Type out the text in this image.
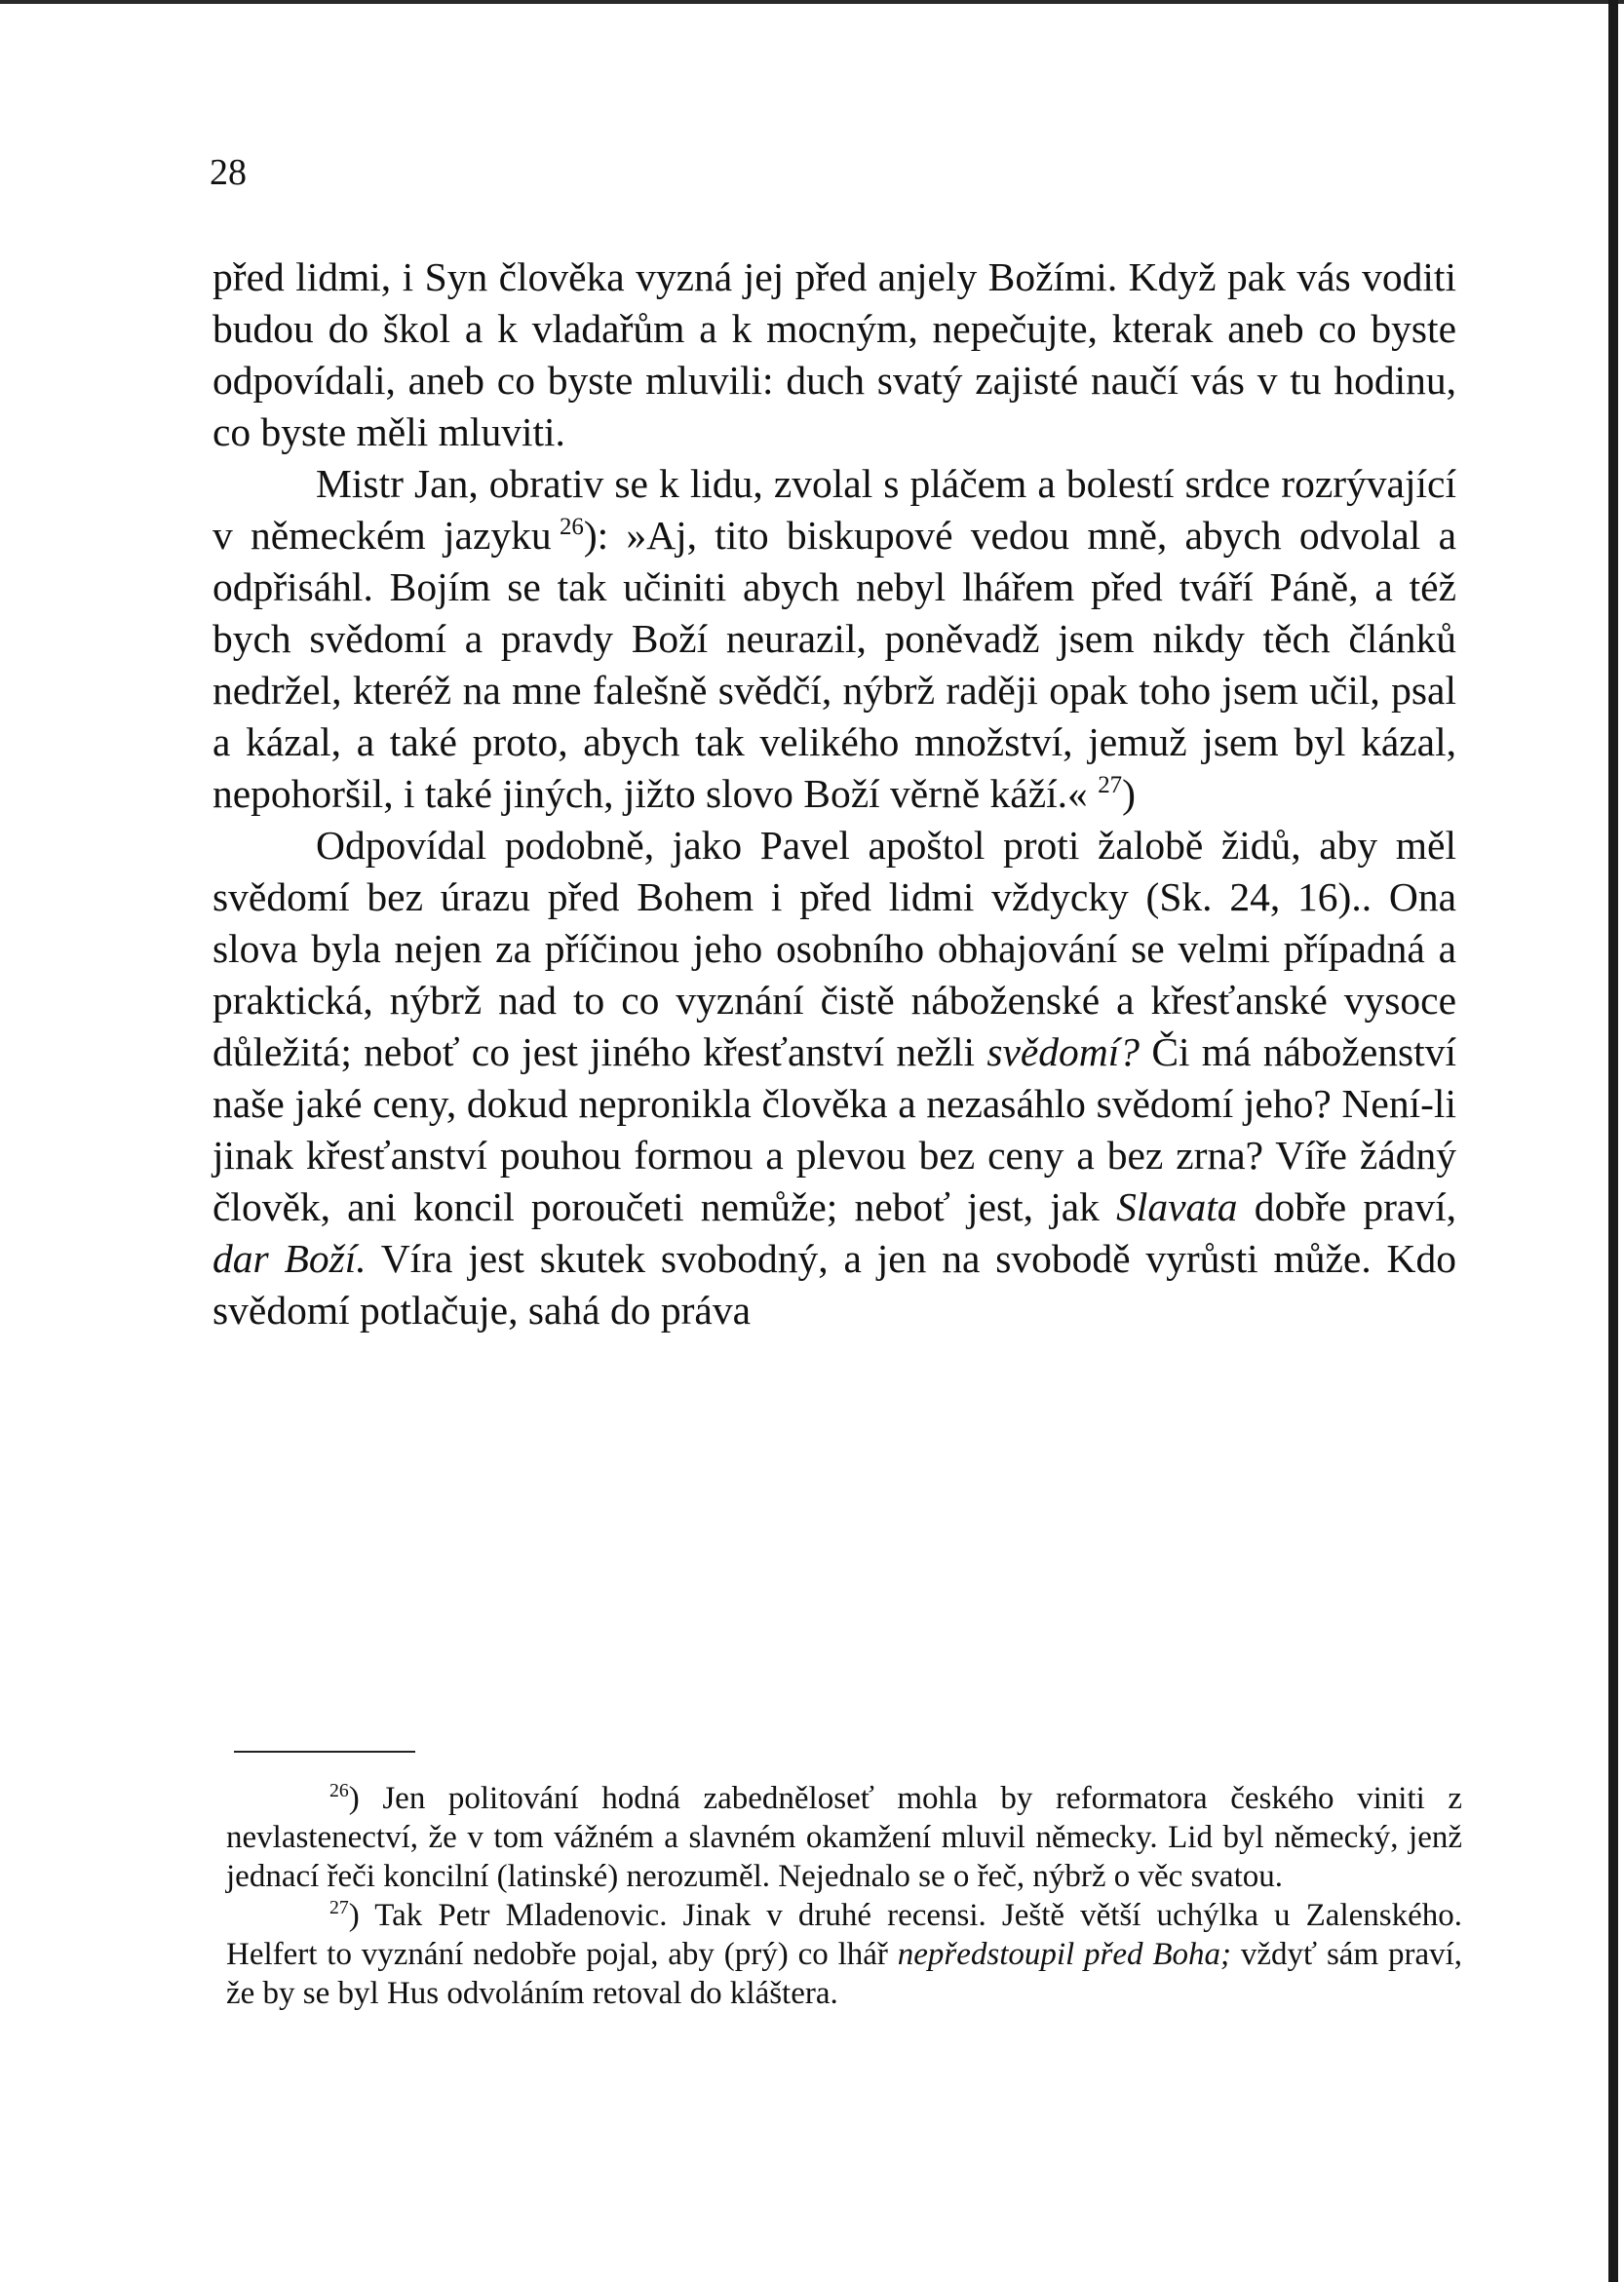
28

před lidmi, i Syn člověka vyzná jej před anjely Božími. Když pak vás voditi budou do škol a k vladařům a k mocným, nepečujte, kterak aneb co byste odpovídali, aneb co byste mluvili: duch svatý zajisté naučí vás v tu hodinu, co byste měli mluviti.

Mistr Jan, obrativ se k lidu, zvolal s pláčem a bolestí srdce rozrývající v německém jazyku  $^{26}$): »Aj, tito biskupové vedou mně, abych odvolal a odpřisáhl. Bojím se tak učiniti abych nebyl lhářem před tváří Páně, a též bych svědomí a pravdy Boží neurazil, poněvadž jsem nikdy těch článků nedržel, kteréž na mne falešně svědčí, nýbrž raději opak toho jsem učil, psal a kázal, a také proto, abych tak velikého množství, jemuž jsem byl kázal, nepohoršil, i také jiných, jižto slovo Boží věrně káží.« $^{27}$)

Odpovídal podobně, jako Pavel apoštol proti žalobě židů, aby měl svědomí bez úrazu před Bohem i před lidmi vždycky (Sk. 24, 16).. Ona slova byla nejen za příčinou jeho osobního obhajování se velmi případná a praktická, nýbrž nad to co vyznání čistě náboženské a křesťanské vysoce důležitá; neboť co jest jiného křesťanství nežli svědomí? Či má náboženství naše jaké ceny, dokud nepronikla člověka a nezasáhlo svědomí jeho? Není-li jinak křesťanství pouhou formou a plevou bez ceny a bez zrna? Víře žádný člověk, ani koncil poroučeti nemůže; neboť jest, jak Slavata dobře praví, dar Boží. Víra jest skutek svobodný, a jen na svobodě vyrůsti může. Kdo svědomí potlačuje, sahá do práva

$^{26}$) Jen politování hodná zabedněloseť mohla by reformatora českého viniti z nevlastenectví, že v tom vážném a slavném okamžení mluvil německy. Lid byl německý, jenž jednací řeči koncilní (latinské) nerozuměl. Nejednalo se o řeč, nýbrž o věc svatou.

$^{27}$) Tak Petr Mladenovic. Jinak v druhé recensi. Ještě větší uchýlka u Zalenského. Helfert to vyznání nedobře pojal, aby (prý) co lhář nepředstoupil před Boha; vždyť sám praví, že by se byl Hus odvoláním retoval do kláštera.
